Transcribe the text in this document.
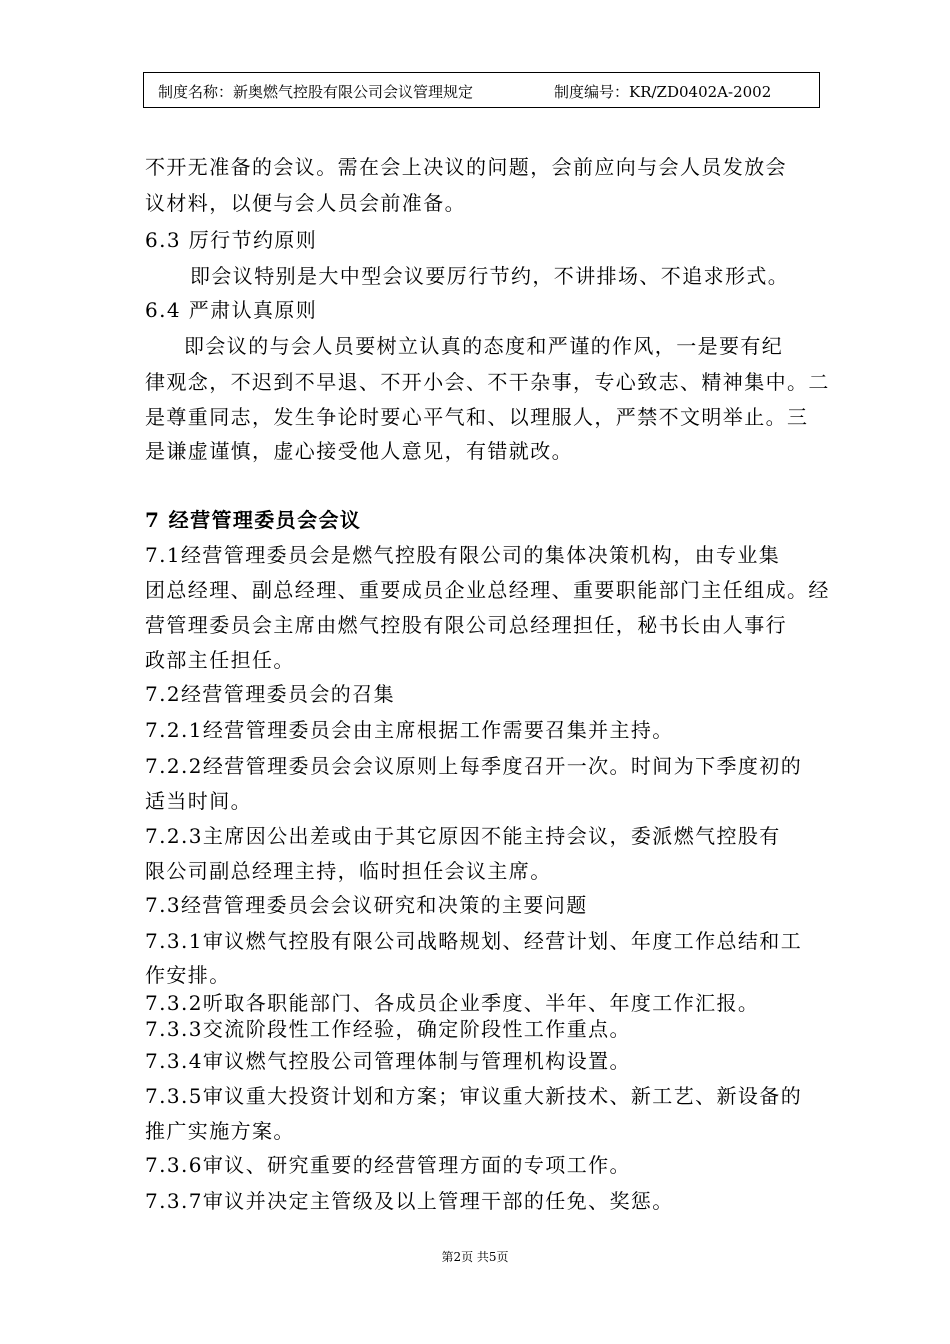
制度名称：新奥燃气控股有限公司会议管理规定	制度编号：KR/ZD0402A-2002
不开无准备的会议。需在会上决议的问题，会前应向与会人员发放会
议材料，以便与会人员会前准备。
6.3 厉行节约原则
即会议特别是大中型会议要厉行节约，不讲排场、不追求形式。
6.4 严肃认真原则
即会议的与会人员要树立认真的态度和严谨的作风，一是要有纪
律观念，不迟到不早退、不开小会、不干杂事，专心致志、精神集中。二
是尊重同志，发生争论时要心平气和、以理服人，严禁不文明举止。三
是谦虚谨慎，虚心接受他人意见，有错就改。
7 经营管理委员会会议
7.1经营管理委员会是燃气控股有限公司的集体决策机构，由专业集
团总经理、副总经理、重要成员企业总经理、重要职能部门主任组成。经
营管理委员会主席由燃气控股有限公司总经理担任，秘书长由人事行
政部主任担任。
7.2经营管理委员会的召集
7.2.1经营管理委员会由主席根据工作需要召集并主持。
7.2.2经营管理委员会会议原则上每季度召开一次。时间为下季度初的
适当时间。
7.2.3主席因公出差或由于其它原因不能主持会议，委派燃气控股有
限公司副总经理主持，临时担任会议主席。
7.3经营管理委员会会议研究和决策的主要问题
7.3.1审议燃气控股有限公司战略规划、经营计划、年度工作总结和工
作安排。
7.3.2听取各职能部门、各成员企业季度、半年、年度工作汇报。
7.3.3交流阶段性工作经验，确定阶段性工作重点。
7.3.4审议燃气控股公司管理体制与管理机构设置。
7.3.5审议重大投资计划和方案；审议重大新技术、新工艺、新设备的
推广实施方案。
7.3.6审议、研究重要的经营管理方面的专项工作。
7.3.7审议并决定主管级及以上管理干部的任免、奖惩。
第2页 共5页
